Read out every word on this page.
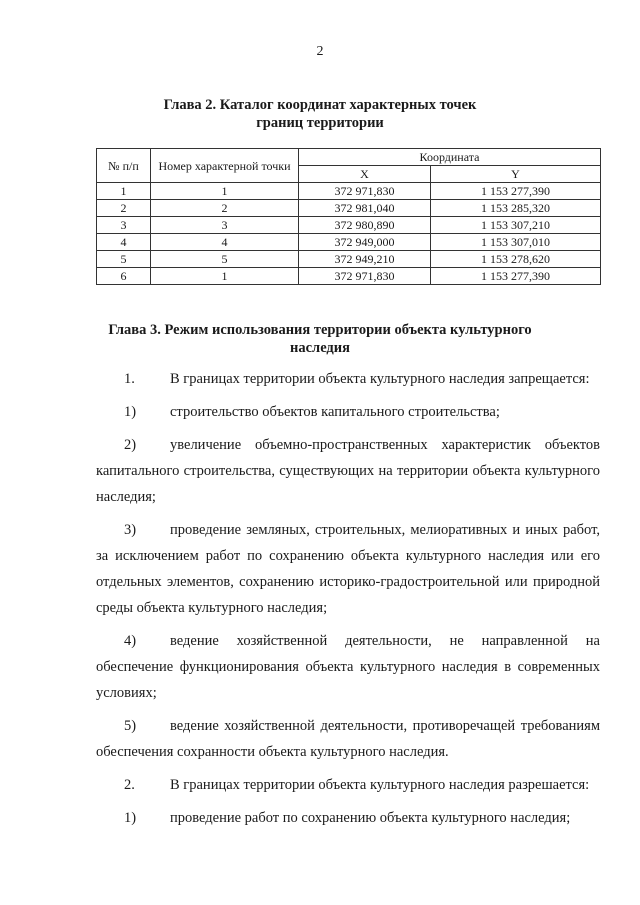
2
Глава 2. Каталог координат характерных точек
границ территории
№ п/п	Номер характерной точки	Координата	
		X	Y
1	1	372 971,830	1 153 277,390
2	2	372 981,040	1 153 285,320
3	3	372 980,890	1 153 307,210
4	4	372 949,000	1 153 307,010
5	5	372 949,210	1 153 278,620
6	1	372 971,830	1 153 277,390
Глава 3. Режим использования территории объекта культурного
наследия

1. В границах территории объекта культурного наследия запрещается:

1) строительство объектов капитального строительства;

2) увеличение объемно-пространственных характеристик объектов капитального строительства, существующих на территории объекта культурного наследия;

3) проведение земляных, строительных, мелиоративных и иных работ, за исключением работ по сохранению объекта культурного наследия или его отдельных элементов, сохранению историко-градостроительной или природной среды объекта культурного наследия;

4) ведение хозяйственной деятельности, не направленной на обеспечение функционирования объекта культурного наследия в современных условиях;

5) ведение хозяйственной деятельности, противоречащей требованиям обеспечения сохранности объекта культурного наследия.

2. В границах территории объекта культурного наследия разрешается:

1) проведение работ по сохранению объекта культурного наследия;
